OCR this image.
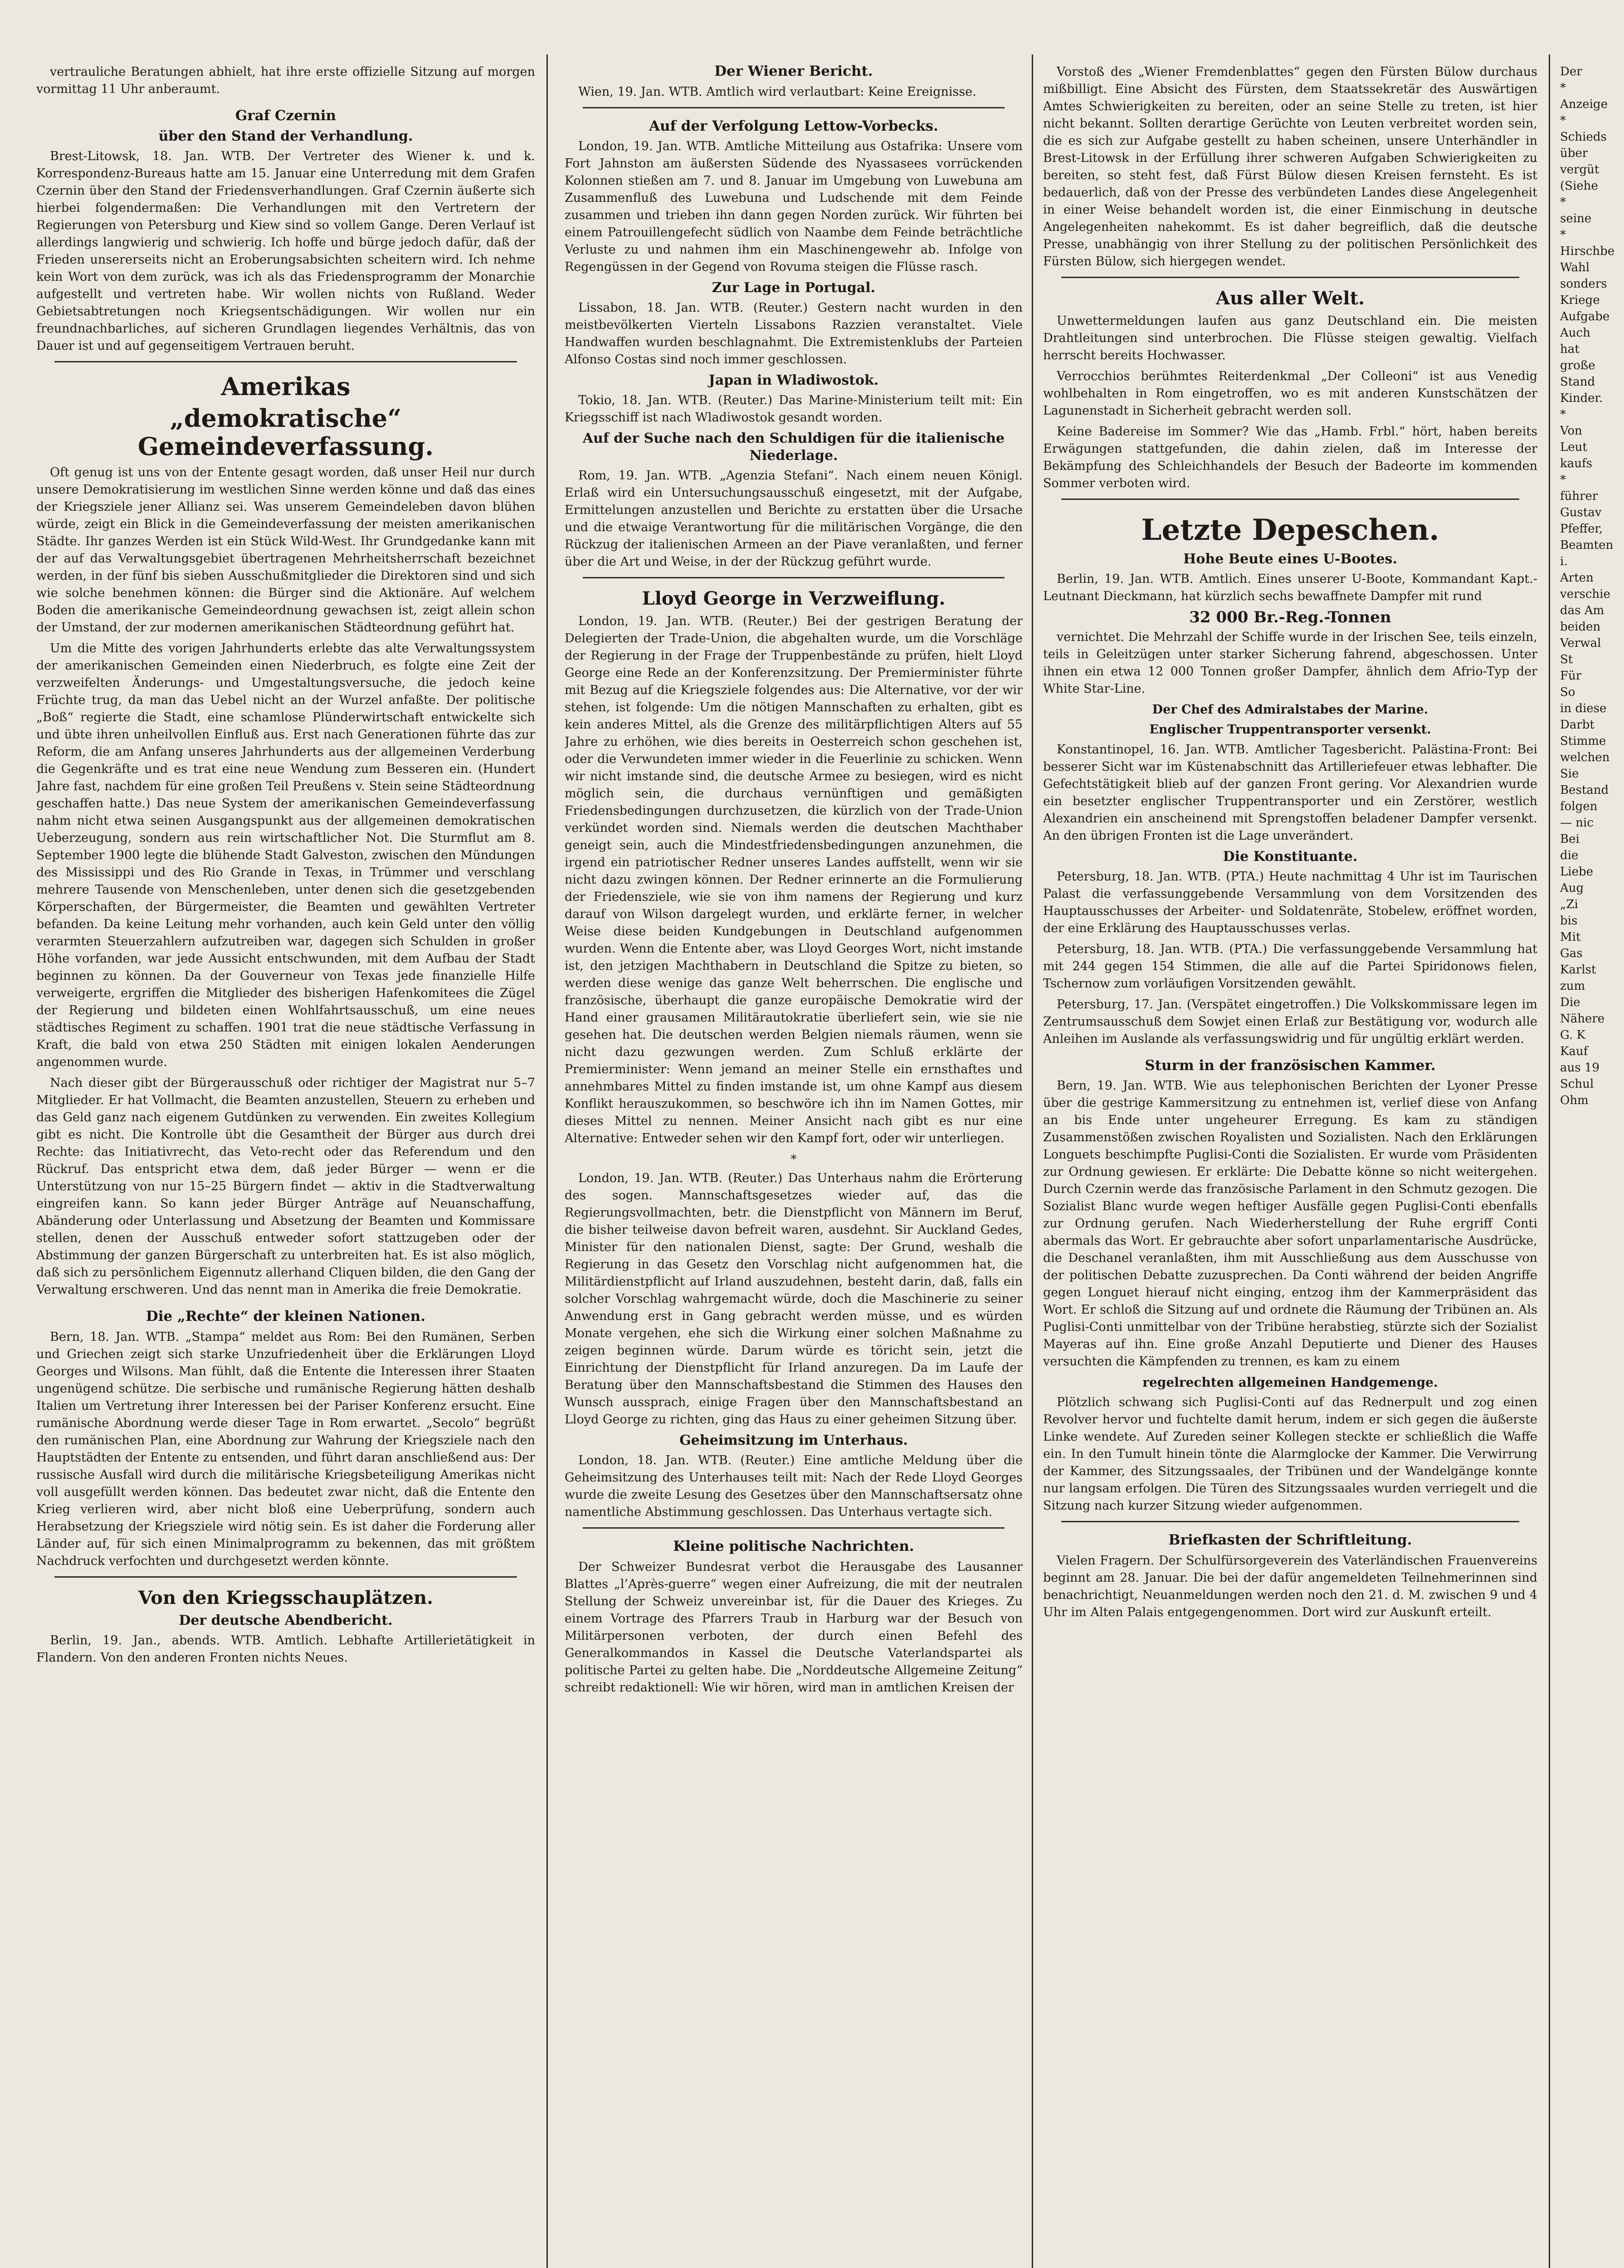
vertrauliche Beratungen abhielt, hat ihre erste offizielle Sitzung auf morgen vormittag 11 Uhr anberaumt.

Graf Czernin
über den Stand der Verhandlung.

Brest-Litowsk, 18. Jan. WTB. Der Vertreter des Wiener k. und k. Korrespondenz-Bureaus hatte am 15. Januar eine Unterredung mit dem Grafen Czernin über den Stand der Friedensverhandlungen. Graf Czernin äußerte sich hierbei folgendermaßen: Die Verhandlungen mit den Vertretern der Regierungen von Petersburg und Kiew sind so vollem Gange. Deren Verlauf ist allerdings langwierig und schwierig. Ich hoffe und bürge jedoch dafür, daß der Frieden unsererseits nicht an Eroberungsabsichten scheitern wird. Ich nehme kein Wort von dem zurück, was ich als das Friedensprogramm der Monarchie aufgestellt und vertreten habe. Wir wollen nichts von Rußland. Weder Gebietsabtretungen noch Kriegsentschädigungen. Wir wollen nur ein freundnachbarliches, auf sicheren Grundlagen liegendes Verhältnis, das von Dauer ist und auf gegenseitigem Vertrauen beruht.

Amerikas
„demokratische“ Gemeindeverfassung.

Oft genug ist uns von der Entente gesagt worden, daß unser Heil nur durch unsere Demokratisierung im westlichen Sinne werden könne und daß das eines der Kriegsziele jener Allianz sei. Was unserem Gemeindeleben davon blühen würde, zeigt ein Blick in die Gemeindeverfassung der meisten amerikanischen Städte. Ihr ganzes Werden ist ein Stück Wild-West. Ihr Grundgedanke kann mit der auf das Verwaltungsgebiet übertragenen Mehrheitsherrschaft bezeichnet werden, in der fünf bis sieben Ausschußmitglieder die Direktoren sind und sich wie solche benehmen können: die Bürger sind die Aktionäre. Auf welchem Boden die amerikanische Gemeindeordnung gewachsen ist, zeigt allein schon der Umstand, der zur modernen amerikanischen Städteordnung geführt hat.

Um die Mitte des vorigen Jahrhunderts erlebte das alte Verwaltungssystem der amerikanischen Gemeinden einen Niederbruch, es folgte eine Zeit der verzweifelten Änderungs- und Umgestaltungsversuche, die jedoch keine Früchte trug, da man das Uebel nicht an der Wurzel anfaßte. Der politische „Boß“ regierte die Stadt, eine schamlose Plünderwirtschaft entwickelte sich und übte ihren unheilvollen Einfluß aus. Erst nach Generationen führte das zur Reform, die am Anfang unseres Jahrhunderts aus der allgemeinen Verderbung die Gegenkräfte und es trat eine neue Wendung zum Besseren ein. (Hundert Jahre fast, nachdem für eine großen Teil Preußens v. Stein seine Städteordnung geschaffen hatte.) Das neue System der amerikanischen Gemeindeverfassung nahm nicht etwa seinen Ausgangspunkt aus der allgemeinen demokratischen Ueberzeugung, sondern aus rein wirtschaftlicher Not. Die Sturmflut am 8. September 1900 legte die blühende Stadt Galveston, zwischen den Mündungen des Mississippi und des Rio Grande in Texas, in Trümmer und verschlang mehrere Tausende von Menschenleben, unter denen sich die gesetzgebenden Körperschaften, der Bürgermeister, die Beamten und gewählten Vertreter befanden. Da keine Leitung mehr vorhanden, auch kein Geld unter den völlig verarmten Steuerzahlern aufzutreiben war, dagegen sich Schulden in großer Höhe vorfanden, war jede Aussicht entschwunden, mit dem Aufbau der Stadt beginnen zu können. Da der Gouverneur von Texas jede finanzielle Hilfe verweigerte, ergriffen die Mitglieder des bisherigen Hafenkomitees die Zügel der Regierung und bildeten einen Wohlfahrtsausschuß, um eine neues städtisches Regiment zu schaffen. 1901 trat die neue städtische Verfassung in Kraft, die bald von etwa 250 Städten mit einigen lokalen Aenderungen angenommen wurde.

Nach dieser gibt der Bürgerausschuß oder richtiger der Magistrat nur 5–7 Mitglieder. Er hat Vollmacht, die Beamten anzustellen, Steuern zu erheben und das Geld ganz nach eigenem Gutdünken zu verwenden. Ein zweites Kollegium gibt es nicht. Die Kontrolle übt die Gesamtheit der Bürger aus durch drei Rechte: das Initiativrecht, das Veto-recht oder das Referendum und den Rückruf. Das entspricht etwa dem, daß jeder Bürger — wenn er die Unterstützung von nur 15–25 Bürgern findet — aktiv in die Stadtverwaltung eingreifen kann. So kann jeder Bürger Anträge auf Neuanschaffung, Abänderung oder Unterlassung und Absetzung der Beamten und Kommissare stellen, denen der Ausschuß entweder sofort stattzugeben oder der Abstimmung der ganzen Bürgerschaft zu unterbreiten hat. Es ist also möglich, daß sich zu persönlichem Eigennutz allerhand Cliquen bilden, die den Gang der Verwaltung erschweren. Und das nennt man in Amerika die freie Demokratie.

Die „Rechte“ der kleinen Nationen.

Bern, 18. Jan. WTB. „Stampa“ meldet aus Rom: Bei den Rumänen, Serben und Griechen zeigt sich starke Unzufriedenheit über die Erklärungen Lloyd Georges und Wilsons. Man fühlt, daß die Entente die Interessen ihrer Staaten ungenügend schütze. Die serbische und rumänische Regierung hätten deshalb Italien um Vertretung ihrer Interessen bei der Pariser Konferenz ersucht. Eine rumänische Abordnung werde dieser Tage in Rom erwartet. „Secolo“ begrüßt den rumänischen Plan, eine Abordnung zur Wahrung der Kriegsziele nach den Hauptstädten der Entente zu entsenden, und führt daran anschließend aus: Der russische Ausfall wird durch die militärische Kriegsbeteiligung Amerikas nicht voll ausgefüllt werden können. Das bedeutet zwar nicht, daß die Entente den Krieg verlieren wird, aber nicht bloß eine Ueberprüfung, sondern auch Herabsetzung der Kriegsziele wird nötig sein. Es ist daher die Forderung aller Länder auf, für sich einen Minimalprogramm zu bekennen, das mit größtem Nachdruck verfochten und durchgesetzt werden könnte.

Von den Kriegsschauplätzen.
Der deutsche Abendbericht.

Berlin, 19. Jan., abends. WTB. Amtlich. Lebhafte Artillerietätigkeit in Flandern. Von den anderen Fronten nichts Neues.

Der Wiener Bericht.

Wien, 19. Jan. WTB. Amtlich wird verlautbart: Keine Ereignisse.

Auf der Verfolgung Lettow-Vorbecks.

London, 19. Jan. WTB. Amtliche Mitteilung aus Ostafrika: Unsere vom Fort Jahnston am äußersten Südende des Nyassasees vorrückenden Kolonnen stießen am 7. und 8. Januar im Umgebung von Luwebuna am Zusammenfluß des Luwebuna und Ludschende mit dem Feinde zusammen und trieben ihn dann gegen Norden zurück. Wir führten bei einem Patrouillengefecht südlich von Naambe dem Feinde beträchtliche Verluste zu und nahmen ihm ein Maschinengewehr ab. Infolge von Regengüssen in der Gegend von Rovuma steigen die Flüsse rasch.

Zur Lage in Portugal.

Lissabon, 18. Jan. WTB. (Reuter.) Gestern nacht wurden in den meistbevölkerten Vierteln Lissabons Razzien veranstaltet. Viele Handwaffen wurden beschlagnahmt. Die Extremistenklubs der Parteien Alfonso Costas sind noch immer geschlossen.

Japan in Wladiwostok.

Tokio, 18. Jan. WTB. (Reuter.) Das Marine-Ministerium teilt mit: Ein Kriegsschiff ist nach Wladiwostok gesandt worden.

Auf der Suche nach den Schuldigen für die italienische Niederlage.

Rom, 19. Jan. WTB. „Agenzia Stefani“. Nach einem neuen Königl. Erlaß wird ein Untersuchungsausschuß eingesetzt, mit der Aufgabe, Ermittelungen anzustellen und Berichte zu erstatten über die Ursache und die etwaige Verantwortung für die militärischen Vorgänge, die den Rückzug der italienischen Armeen an der Piave veranlaßten, und ferner über die Art und Weise, in der der Rückzug geführt wurde.

Lloyd George in Verzweiflung.

London, 19. Jan. WTB. (Reuter.) Bei der gestrigen Beratung der Delegierten der Trade-Union, die abgehalten wurde, um die Vorschläge der Regierung in der Frage der Truppenbestände zu prüfen, hielt Lloyd George eine Rede an der Konferenzsitzung. Der Premierminister führte mit Bezug auf die Kriegsziele folgendes aus: Die Alternative, vor der wir stehen, ist folgende: Um die nötigen Mannschaften zu erhalten, gibt es kein anderes Mittel, als die Grenze des militärpflichtigen Alters auf 55 Jahre zu erhöhen, wie dies bereits in Oesterreich schon geschehen ist, oder die Verwundeten immer wieder in die Feuerlinie zu schicken. Wenn wir nicht imstande sind, die deutsche Armee zu besiegen, wird es nicht möglich sein, die durchaus vernünftigen und gemäßigten Friedensbedingungen durchzusetzen, die kürzlich von der Trade-Union verkündet worden sind. Niemals werden die deutschen Machthaber geneigt sein, auch die Mindestfriedensbedingungen anzunehmen, die irgend ein patriotischer Redner unseres Landes auffstellt, wenn wir sie nicht dazu zwingen können. Der Redner erinnerte an die Formulierung der Friedensziele, wie sie von ihm namens der Regierung und kurz darauf von Wilson dargelegt wurden, und erklärte ferner, in welcher Weise diese beiden Kundgebungen in Deutschland aufgenommen wurden. Wenn die Entente aber, was Lloyd Georges Wort, nicht imstande ist, den jetzigen Machthabern in Deutschland die Spitze zu bieten, so werden diese wenige das ganze Welt beherrschen. Die englische und französische, überhaupt die ganze europäische Demokratie wird der Hand einer grausamen Militärautokratie überliefert sein, wie sie nie gesehen hat. Die deutschen werden Belgien niemals räumen, wenn sie nicht dazu gezwungen werden. Zum Schluß erklärte der Premierminister: Wenn jemand an meiner Stelle ein ernsthaftes und annehmbares Mittel zu finden imstande ist, um ohne Kampf aus diesem Konflikt herauszukommen, so beschwöre ich ihn im Namen Gottes, mir dieses Mittel zu nennen. Meiner Ansicht nach gibt es nur eine Alternative: Entweder sehen wir den Kampf fort, oder wir unterliegen.

*

London, 19. Jan. WTB. (Reuter.) Das Unterhaus nahm die Erörterung des sogen. Mannschaftsgesetzes wieder auf, das die Regierungsvollmachten, betr. die Dienstpflicht von Männern im Beruf, die bisher teilweise davon befreit waren, ausdehnt. Sir Auckland Gedes, Minister für den nationalen Dienst, sagte: Der Grund, weshalb die Regierung in das Gesetz den Vorschlag nicht aufgenommen hat, die Militärdienstpflicht auf Irland auszudehnen, besteht darin, daß, falls ein solcher Vorschlag wahrgemacht würde, doch die Maschinerie zu seiner Anwendung erst in Gang gebracht werden müsse, und es würden Monate vergehen, ehe sich die Wirkung einer solchen Maßnahme zu zeigen beginnen würde. Darum würde es töricht sein, jetzt die Einrichtung der Dienstpflicht für Irland anzuregen. Da im Laufe der Beratung über den Mannschaftsbestand die Stimmen des Hauses den Wunsch aussprach, einige Fragen über den Mannschaftsbestand an Lloyd George zu richten, ging das Haus zu einer geheimen Sitzung über.

Geheimsitzung im Unterhaus.

London, 18. Jan. WTB. (Reuter.) Eine amtliche Meldung über die Geheimsitzung des Unterhauses teilt mit: Nach der Rede Lloyd Georges wurde die zweite Lesung des Gesetzes über den Mannschaftsersatz ohne namentliche Abstimmung geschlossen. Das Unterhaus vertagte sich.

Kleine politische Nachrichten.

Der Schweizer Bundesrat verbot die Herausgabe des Lausanner Blattes „l’Après-guerre“ wegen einer Aufreizung, die mit der neutralen Stellung der Schweiz unvereinbar ist, für die Dauer des Krieges. Zu einem Vortrage des Pfarrers Traub in Harburg war der Besuch von Militärpersonen verboten, der durch einen Befehl des Generalkommandos in Kassel die Deutsche Vaterlandspartei als politische Partei zu gelten habe. Die „Norddeutsche Allgemeine Zeitung“ schreibt redaktionell: Wie wir hören, wird man in amtlichen Kreisen der

Vorstoß des „Wiener Fremdenblattes“ gegen den Fürsten Bülow durchaus mißbilligt. Eine Absicht des Fürsten, dem Staatssekretär des Auswärtigen Amtes Schwierigkeiten zu bereiten, oder an seine Stelle zu treten, ist hier nicht bekannt. Sollten derartige Gerüchte von Leuten verbreitet worden sein, die es sich zur Aufgabe gestellt zu haben scheinen, unsere Unterhändler in Brest-Litowsk in der Erfüllung ihrer schweren Aufgaben Schwierigkeiten zu bereiten, so steht fest, daß Fürst Bülow diesen Kreisen fernsteht. Es ist bedauerlich, daß von der Presse des verbündeten Landes diese Angelegenheit in einer Weise behandelt worden ist, die einer Einmischung in deutsche Angelegenheiten nahekommt. Es ist daher begreiflich, daß die deutsche Presse, unabhängig von ihrer Stellung zu der politischen Persönlichkeit des Fürsten Bülow, sich hiergegen wendet.

Aus aller Welt.

Unwettermeldungen laufen aus ganz Deutschland ein. Die meisten Drahtleitungen sind unterbrochen. Die Flüsse steigen gewaltig. Vielfach herrscht bereits Hochwasser.

Verrocchios berühmtes Reiterdenkmal „Der Colleoni“ ist aus Venedig wohlbehalten in Rom eingetroffen, wo es mit anderen Kunstschätzen der Lagunenstadt in Sicherheit gebracht werden soll.

Keine Badereise im Sommer? Wie das „Hamb. Frbl.“ hört, haben bereits Erwägungen stattgefunden, die dahin zielen, daß im Interesse der Bekämpfung des Schleichhandels der Besuch der Badeorte im kommenden Sommer verboten wird.

Letzte Depeschen.
Hohe Beute eines U-Bootes.

Berlin, 19. Jan. WTB. Amtlich. Eines unserer U-Boote, Kommandant Kapt.-Leutnant Dieckmann, hat kürzlich sechs bewaffnete Dampfer mit rund

32 000 Br.-Reg.-Tonnen

vernichtet. Die Mehrzahl der Schiffe wurde in der Irischen See, teils einzeln, teils in Geleitzügen unter starker Sicherung fahrend, abgeschossen. Unter ihnen ein etwa 12 000 Tonnen großer Dampfer, ähnlich dem Afrio-Typ der White Star-Line.

Der Chef des Admiralstabes der Marine.
Englischer Truppentransporter versenkt.

Konstantinopel, 16. Jan. WTB. Amtlicher Tagesbericht. Palästina-Front: Bei besserer Sicht war im Küstenabschnitt das Artilleriefeuer etwas lebhafter. Die Gefechtstätigkeit blieb auf der ganzen Front gering. Vor Alexandrien wurde ein besetzter englischer Truppentransporter und ein Zerstörer, westlich Alexandrien ein anscheinend mit Sprengstoffen beladener Dampfer versenkt. An den übrigen Fronten ist die Lage unverändert.

Die Konstituante.

Petersburg, 18. Jan. WTB. (PTA.) Heute nachmittag 4 Uhr ist im Taurischen Palast die verfassunggebende Versammlung von dem Vorsitzenden des Hauptausschusses der Arbeiter- und Soldatenräte, Stobelew, eröffnet worden, der eine Erklärung des Hauptausschusses verlas.

Petersburg, 18. Jan. WTB. (PTA.) Die verfassunggebende Versammlung hat mit 244 gegen 154 Stimmen, die alle auf die Partei Spiridonows fielen, Tschernow zum vorläufigen Vorsitzenden gewählt.

Petersburg, 17. Jan. (Verspätet eingetroffen.) Die Volkskommissare legen im Zentrumsausschuß dem Sowjet einen Erlaß zur Bestätigung vor, wodurch alle Anleihen im Auslande als verfassungswidrig und für ungültig erklärt werden.

Sturm in der französischen Kammer.

Bern, 19. Jan. WTB. Wie aus telephonischen Berichten der Lyoner Presse über die gestrige Kammersitzung zu entnehmen ist, verlief diese von Anfang an bis Ende unter ungeheurer Erregung. Es kam zu ständigen Zusammenstößen zwischen Royalisten und Sozialisten. Nach den Erklärungen Longuets beschimpfte Puglisi-Conti die Sozialisten. Er wurde vom Präsidenten zur Ordnung gewiesen. Er erklärte: Die Debatte könne so nicht weitergehen. Durch Czernin werde das französische Parlament in den Schmutz gezogen. Die Sozialist Blanc wurde wegen heftiger Ausfälle gegen Puglisi-Conti ebenfalls zur Ordnung gerufen. Nach Wiederherstellung der Ruhe ergriff Conti abermals das Wort. Er gebrauchte aber sofort unparlamentarische Ausdrücke, die Deschanel veranlaßten, ihm mit Ausschließung aus dem Ausschusse von der politischen Debatte zuzusprechen. Da Conti während der beiden Angriffe gegen Longuet hierauf nicht einging, entzog ihm der Kammerpräsident das Wort. Er schloß die Sitzung auf und ordnete die Räumung der Tribünen an. Als Puglisi-Conti unmittelbar von der Tribüne herabstieg, stürzte sich der Sozialist Mayeras auf ihn. Eine große Anzahl Deputierte und Diener des Hauses versuchten die Kämpfenden zu trennen, es kam zu einem

regelrechten allgemeinen Handgemenge.

Plötzlich schwang sich Puglisi-Conti auf das Rednerpult und zog einen Revolver hervor und fuchtelte damit herum, indem er sich gegen die äußerste Linke wendete. Auf Zureden seiner Kollegen steckte er schließlich die Waffe ein. In den Tumult hinein tönte die Alarmglocke der Kammer. Die Verwirrung der Kammer, des Sitzungssaales, der Tribünen und der Wandelgänge konnte nur langsam erfolgen. Die Türen des Sitzungssaales wurden verriegelt und die Sitzung nach kurzer Sitzung wieder aufgenommen.

Briefkasten der Schriftleitung.

Vielen Fragern. Der Schulfürsorgeverein des Vaterländischen Frauenvereins beginnt am 28. Januar. Die bei der dafür angemeldeten Teilnehmerinnen sind benachrichtigt, Neuanmeldungen werden noch den 21. d. M. zwischen 9 und 4 Uhr im Alten Palais entgegengenommen. Dort wird zur Auskunft erteilt.

Der

*

Anzeige

*

Schieds

über

vergüt

(Siehe

*

seine

*

Hirschbe

Wahl

sonders

Kriege

Aufgabe

Auch

hat

große

Stand

Kinder.

*

Von

Leut

kaufs

*

führer

Gustav

Pfeffer,

Beamten

i.

Arten

verschie

das Am

beiden

Verwal

St

Für

So

in diese

Darbt

Stimme

welchen

Sie

Bestand

folgen

— nic

Bei

die

Liebe

Aug

„Zi

bis

Mit

Gas

Karlst

zum

Die

Nähere

G. K

Kauf

aus 19

Schul

Ohm
